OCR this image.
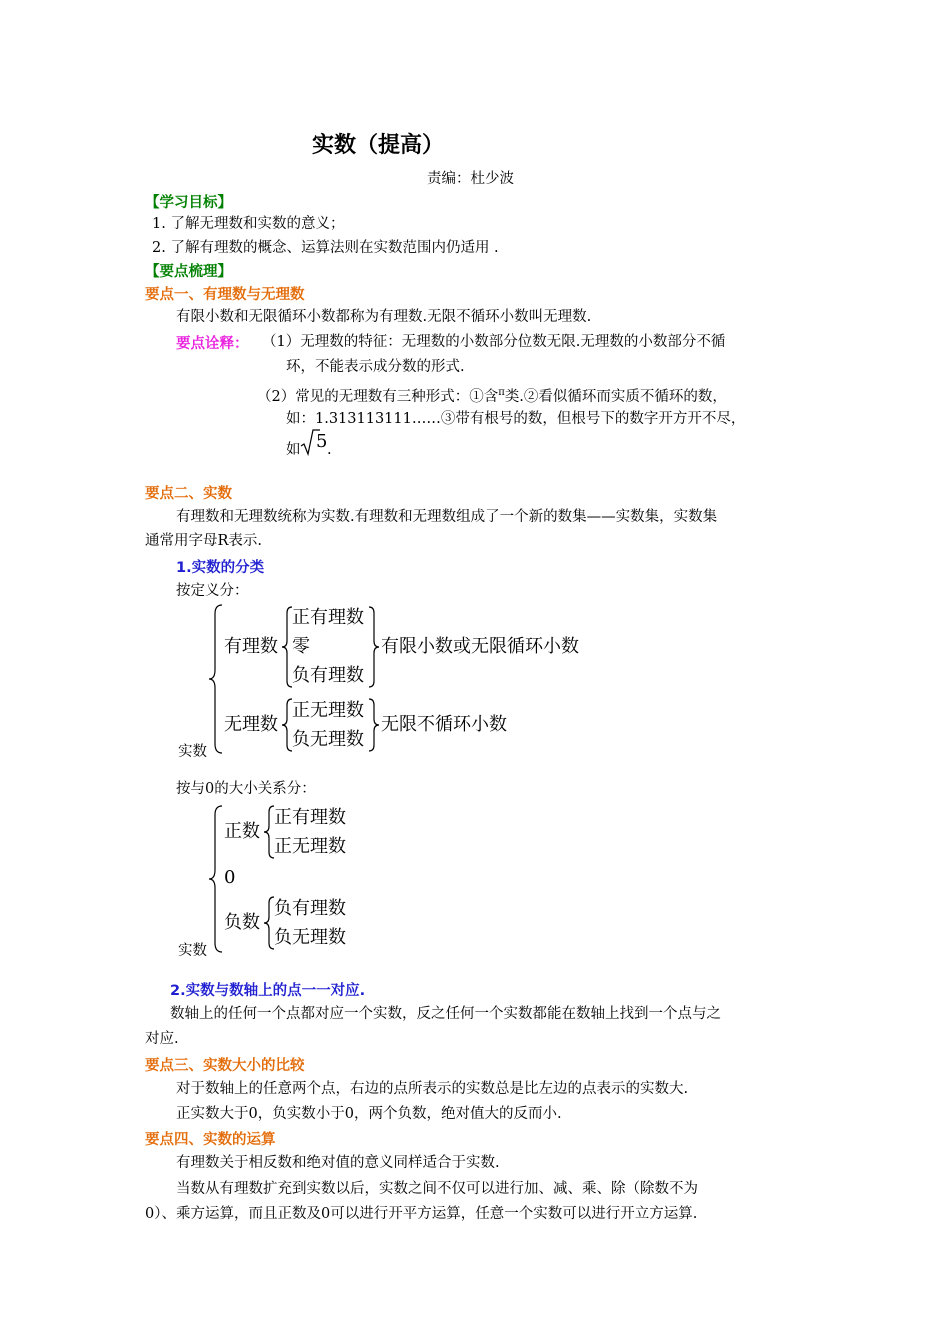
实数（提高）
责编：杜少波
【学习目标】
1. 了解无理数和实数的意义；
2. 了解有理数的概念、运算法则在实数范围内仍适用 .
【要点梳理】
要点一、有理数与无理数
有限小数和无限循环小数都称为有理数.无限不循环小数叫无理数.
要点诠释： （1）无理数的特征：无理数的小数部分位数无限.无理数的小数部分不循
环，不能表示成分数的形式.
（2）常见的无理数有三种形式：①含$^\pi$类.②看似循环而实质不循环的数，
如：1.313113111……③带有根号的数，但根号下的数字开方开不尽，
如 5 .
要点二、实数
有理数和无理数统称为实数.有理数和无理数组成了一个新的数集——实数集，实数集
通常用字母R表示.
1.实数的分类
按定义分：
实数
有理数
正有理数
零
负有理数
有限小数或无限循环小数
无理数
正无理数
负无理数
无限不循环小数
按与0的大小关系分：
实数
正数
正有理数
正无理数
0
负数
负有理数
负无理数
2.实数与数轴上的点一一对应.
数轴上的任何一个点都对应一个实数，反之任何一个实数都能在数轴上找到一个点与之
对应.
要点三、实数大小的比较
对于数轴上的任意两个点，右边的点所表示的实数总是比左边的点表示的实数大.
正实数大于0，负实数小于0，两个负数，绝对值大的反而小.
要点四、实数的运算
有理数关于相反数和绝对值的意义同样适合于实数.
当数从有理数扩充到实数以后，实数之间不仅可以进行加、减、乘、除（除数不为
0）、乘方运算，而且正数及0可以进行开平方运算，任意一个实数可以进行开立方运算.
